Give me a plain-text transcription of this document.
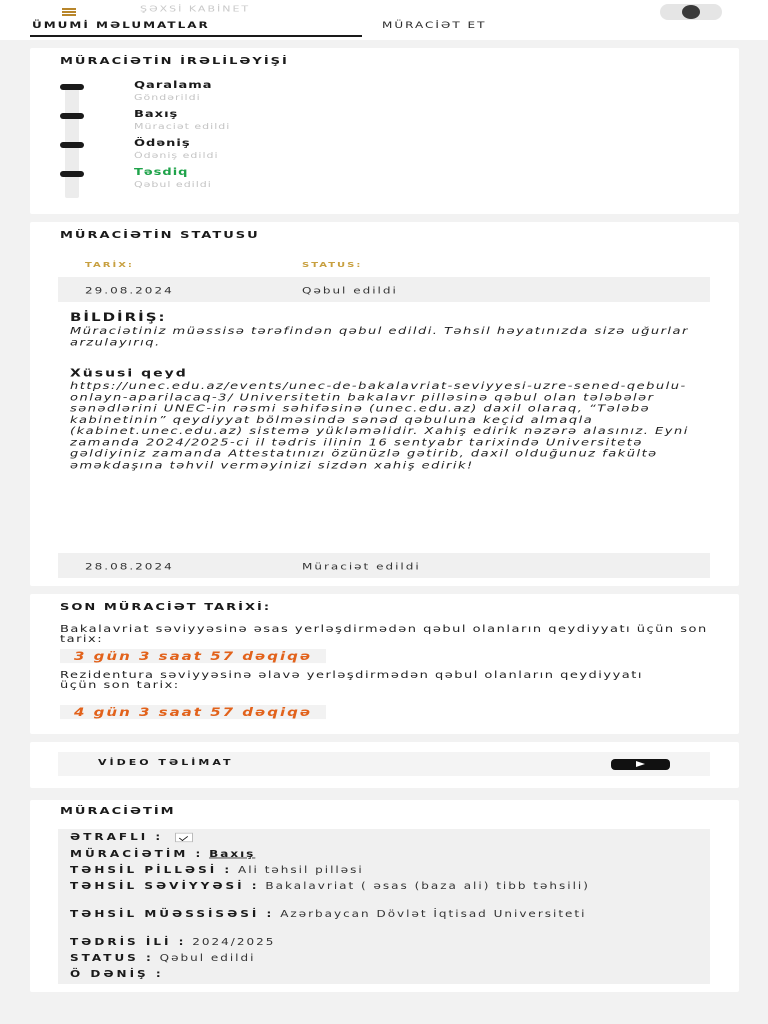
ŞƏXSİ KABİNET
ÜMUMİ MƏLUMATLAR	MÜRACİƏT ET
MÜRACİƏTİN İRƏLİLƏYİŞİ
Qaralama
Göndərildi
Baxış
Müraciət edildi
Ödəniş
Ödəniş edildi
Təsdiq
Qəbul edildi
MÜRACİƏTİN STATUSU
TARİX:	STATUS:
29.08.2024	Qəbul edildi
BİLDİRİŞ:
Müraciətiniz müəssisə tərəfindən qəbul edildi. Təhsil həyatınızda sizə uğurlar arzulayırıq.
Xüsusi qeyd
https://unec.edu.az/events/unec-de-bakalavriat-seviyyesi-uzre-sened-qebulu-onlayn-aparilacaq-3/ Universitetin bakalavr pilləsinə qəbul olan tələbələr sənədlərini UNEC-in rəsmi səhifəsinə (unec.edu.az) daxil olaraq, “Tələbə kabinetinin” qeydiyyat bölməsində sənəd qəbuluna keçid almaqla (kabinet.unec.edu.az) sistemə yükləməlidir. Xahiş edirik nəzərə alasınız. Eyni zamanda 2024/2025-ci il tədris ilinin 16 sentyabr tarixində Universitetə gəldiyiniz zamanda Attestatınızı özünüzlə gətirib, daxil olduğunuz fakültə əməkdaşına təhvil verməyinizi sizdən xahiş edirik!
28.08.2024	Müraciət edildi
SON MÜRACİƏT TARİXİ:
Bakalavriat səviyyəsinə əsas yerləşdirmədən qəbul olanların qeydiyyatı üçün son tarix:
3 gün 3 saat 57 dəqiqə
Rezidentura səviyyəsinə əlavə yerləşdirmədən qəbul olanların qeydiyyatı üçün son tarix:
4 gün 3 saat 57 dəqiqə
VİDEO TƏLİMAT
MÜRACİƏTİM
ƏTRAFLI :
MÜRACİƏTİM : Baxış
TƏHSİL PİLLƏSİ : Ali təhsil pilləsi
TƏHSİL SƏVİYYƏSİ : Bakalavriat ( əsas (baza ali) tibb təhsili)
TƏHSİL MÜƏSSİSƏSİ : Azərbaycan Dövlət İqtisad Universiteti
TƏDRİS İLİ : 2024/2025
STATUS : Qəbul edildi
Ö DƏNİŞ :
